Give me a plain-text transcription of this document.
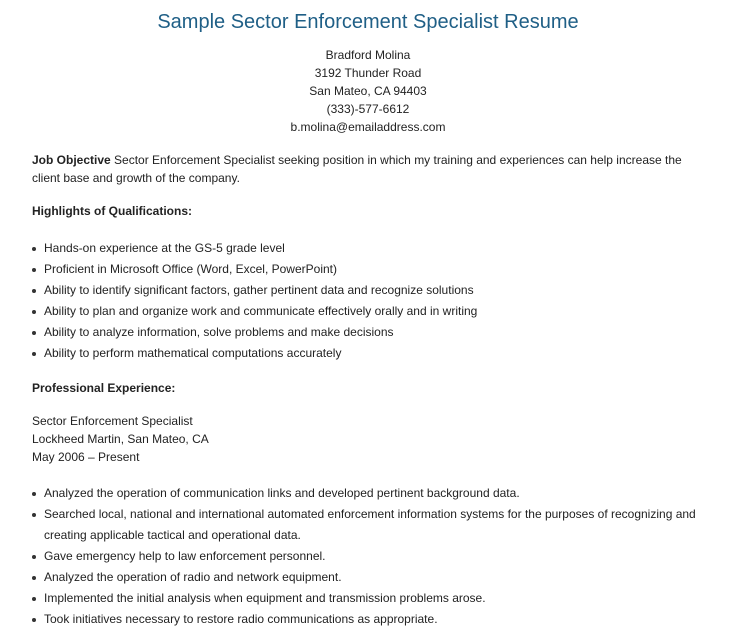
Sample Sector Enforcement Specialist Resume
Bradford Molina
3192 Thunder Road
San Mateo, CA 94403
(333)-577-6612
b.molina@emailaddress.com
Job Objective Sector Enforcement Specialist seeking position in which my training and experiences can help increase the client base and growth of the company.
Highlights of Qualifications:
Hands-on experience at the GS-5 grade level
Proficient in Microsoft Office (Word, Excel, PowerPoint)
Ability to identify significant factors, gather pertinent data and recognize solutions
Ability to plan and organize work and communicate effectively orally and in writing
Ability to analyze information, solve problems and make decisions
Ability to perform mathematical computations accurately
Professional Experience:
Sector Enforcement Specialist
Lockheed Martin, San Mateo, CA
May 2006 – Present
Analyzed the operation of communication links and developed pertinent background data.
Searched local, national and international automated enforcement information systems for the purposes of recognizing and creating applicable tactical and operational data.
Gave emergency help to law enforcement personnel.
Analyzed the operation of radio and network equipment.
Implemented the initial analysis when equipment and transmission problems arose.
Took initiatives necessary to restore radio communications as appropriate.
